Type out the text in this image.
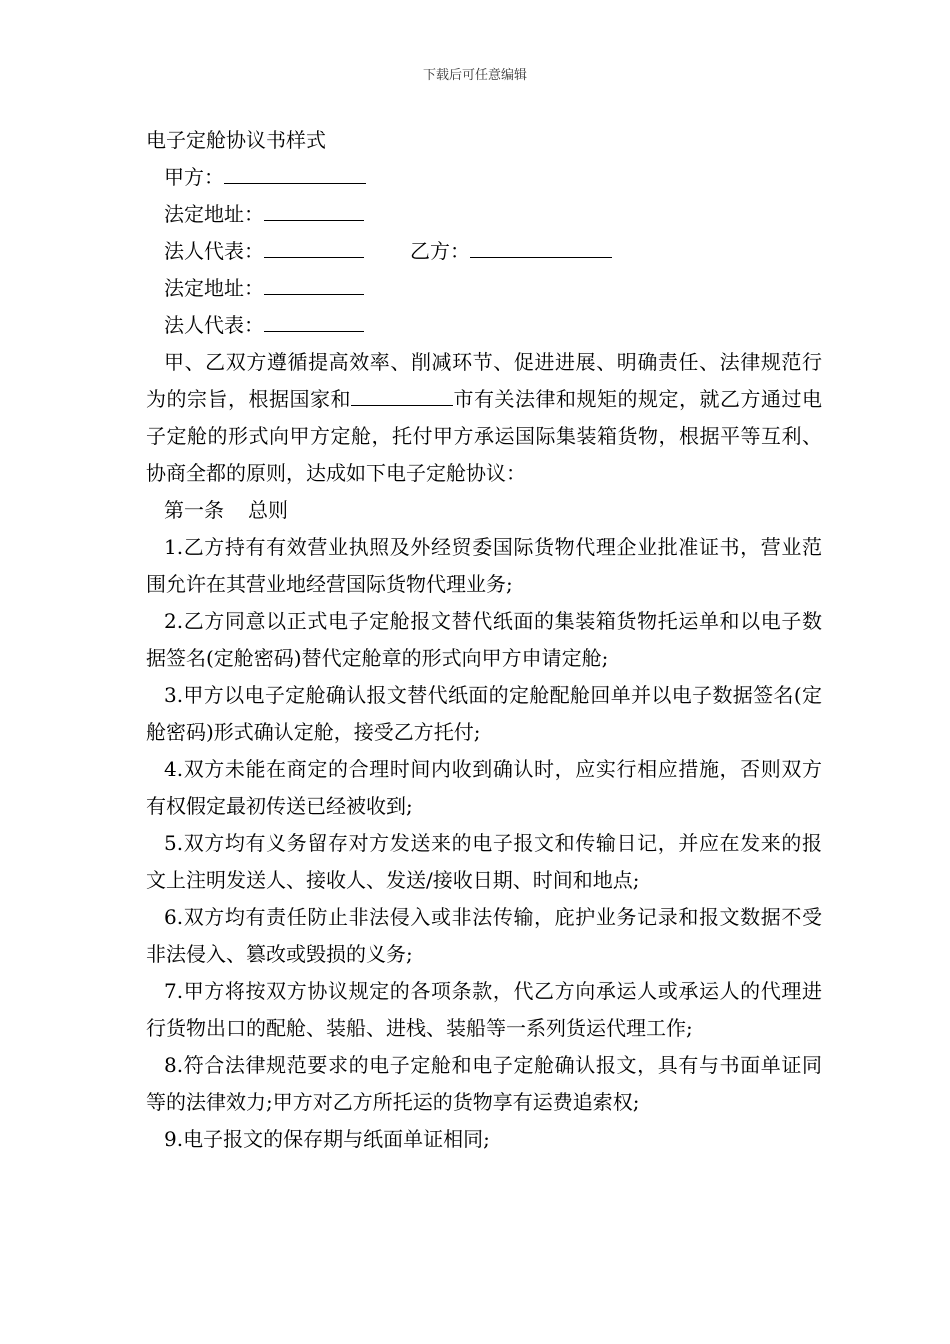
下载后可任意编辑
电子定舱协议书样式
甲方：
法定地址：
法人代表：	乙方：
法定地址：
法人代表：

甲、乙双方遵循提高效率、削减环节、促进进展、明确责任、法律规范行为的宗旨，根据国家和	市有关法律和规矩的规定，就乙方通过电子定舱的形式向甲方定舱，托付甲方承运国际集装箱货物，根据平等互利、协商全都的原则，达成如下电子定舱协议：

第一条 总则

1.乙方持有有效营业执照及外经贸委国际货物代理企业批准证书，营业范围允许在其营业地经营国际货物代理业务;

2.乙方同意以正式电子定舱报文替代纸面的集装箱货物托运单和以电子数据签名(定舱密码)替代定舱章的形式向甲方申请定舱;

3.甲方以电子定舱确认报文替代纸面的定舱配舱回单并以电子数据签名(定舱密码)形式确认定舱，接受乙方托付;

4.双方未能在商定的合理时间内收到确认时，应实行相应措施，否则双方有权假定最初传送已经被收到;

5.双方均有义务留存对方发送来的电子报文和传输日记，并应在发来的报文上注明发送人、接收人、发送/接收日期、时间和地点;

6.双方均有责任防止非法侵入或非法传输，庇护业务记录和报文数据不受非法侵入、篡改或毁损的义务;

7.甲方将按双方协议规定的各项条款，代乙方向承运人或承运人的代理进行货物出口的配舱、装船、进栈、装船等一系列货运代理工作;

8.符合法律规范要求的电子定舱和电子定舱确认报文，具有与书面单证同等的法律效力;甲方对乙方所托运的货物享有运费追索权;

9.电子报文的保存期与纸面单证相同;
